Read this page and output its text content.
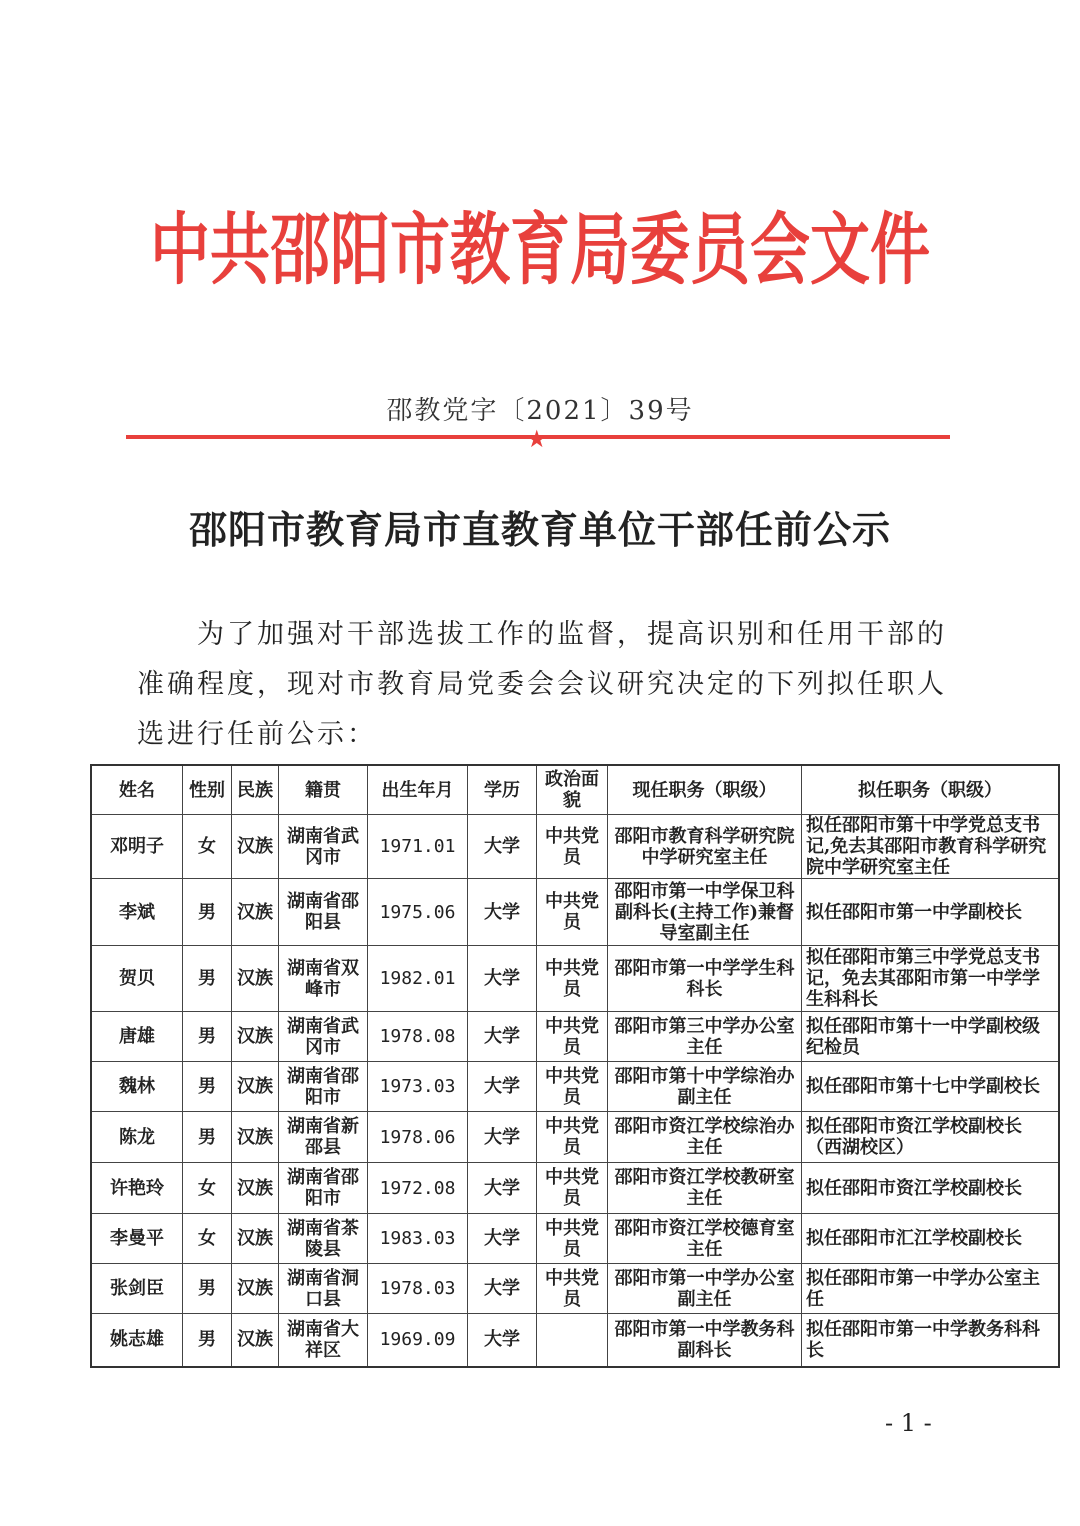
中共邵阳市教育局委员会文件
邵教党字〔2021〕39号
★
邵阳市教育局市直教育单位干部任前公示
为了加强对干部选拔工作的监督，提高识别和任用干部的准确程度，现对市教育局党委会会议研究决定的下列拟任职人选进行任前公示：
姓名	性别	民族	籍贯	出生年月	学历	政治面貌	现任职务（职级）	拟任职务（职级）
邓明子	女	汉族	湖南省武冈市	1971.01	大学	中共党员	邵阳市教育科学研究院中学研究室主任	拟任邵阳市第十中学党总支书记,免去其邵阳市教育科学研究院中学研究室主任
李斌	男	汉族	湖南省邵阳县	1975.06	大学	中共党员	邵阳市第一中学保卫科副科长(主持工作)兼督导室副主任	拟任邵阳市第一中学副校长
贺贝	男	汉族	湖南省双峰市	1982.01	大学	中共党员	邵阳市第一中学学生科科长	拟任邵阳市第三中学党总支书记，免去其邵阳市第一中学学生科科长
唐雄	男	汉族	湖南省武冈市	1978.08	大学	中共党员	邵阳市第三中学办公室主任	拟任邵阳市第十一中学副校级纪检员
魏林	男	汉族	湖南省邵阳市	1973.03	大学	中共党员	邵阳市第十中学综治办副主任	拟任邵阳市第十七中学副校长
陈龙	男	汉族	湖南省新邵县	1978.06	大学	中共党员	邵阳市资江学校综治办主任	拟任邵阳市资江学校副校长（西湖校区）
许艳玲	女	汉族	湖南省邵阳市	1972.08	大学	中共党员	邵阳市资江学校教研室主任	拟任邵阳市资江学校副校长
李曼平	女	汉族	湖南省茶陵县	1983.03	大学	中共党员	邵阳市资江学校德育室主任	拟任邵阳市汇江学校副校长
张剑臣	男	汉族	湖南省洞口县	1978.03	大学	中共党员	邵阳市第一中学办公室副主任	拟任邵阳市第一中学办公室主任
姚志雄	男	汉族	湖南省大祥区	1969.09	大学		邵阳市第一中学教务科副科长	拟任邵阳市第一中学教务科科长
- 1 -
